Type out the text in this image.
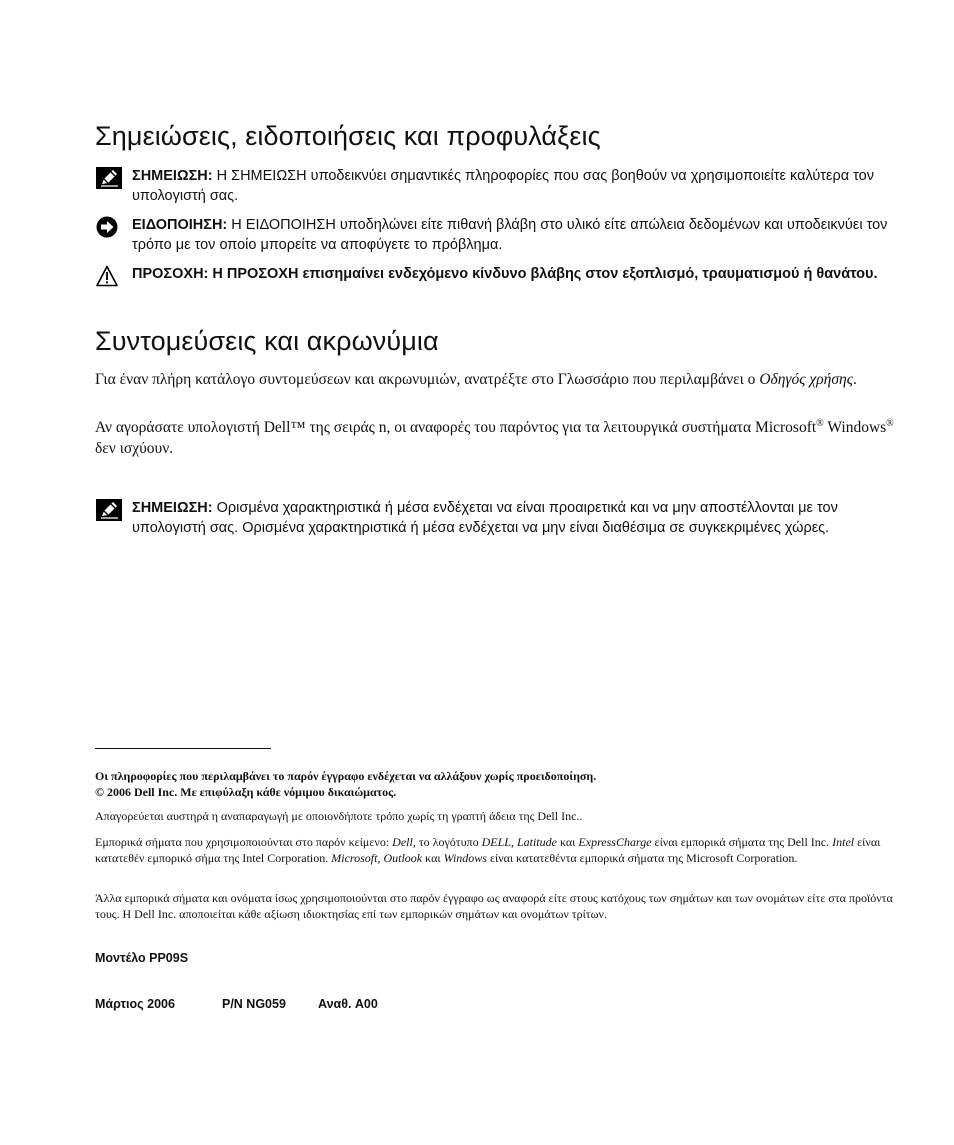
Σημειώσεις, ειδοποιήσεις και προφυλάξεις
ΣΗΜΕΙΩΣΗ: Η ΣΗΜΕΙΩΣΗ υποδεικνύει σημαντικές πληροφορίες που σας βοηθούν να χρησιμοποιείτε καλύτερα τον υπολογιστή σας.
ΕΙΔΟΠΟΙΗΣΗ: Η ΕΙΔΟΠΟΙΗΣΗ υποδηλώνει είτε πιθανή βλάβη στο υλικό είτε απώλεια δεδομένων και υποδεικνύει τον τρόπο με τον οποίο μπορείτε να αποφύγετε το πρόβλημα.
ΠΡΟΣΟΧΗ: Η ΠΡΟΣΟΧΗ επισημαίνει ενδεχόμενο κίνδυνο βλάβης στον εξοπλισμό, τραυματισμού ή θανάτου.
Συντομεύσεις και ακρωνύμια
Για έναν πλήρη κατάλογο συντομεύσεων και ακρωνυμιών, ανατρέξτε στο Γλωσσάριο που περιλαμβάνει ο Οδηγός χρήσης.
Αν αγοράσατε υπολογιστή Dell™ της σειράς n, οι αναφορές του παρόντος για τα λειτουργικά συστήματα Microsoft® Windows® δεν ισχύουν.
ΣΗΜΕΙΩΣΗ: Ορισμένα χαρακτηριστικά ή μέσα ενδέχεται να είναι προαιρετικά και να μην αποστέλλονται με τον υπολογιστή σας. Ορισμένα χαρακτηριστικά ή μέσα ενδέχεται να μην είναι διαθέσιμα σε συγκεκριμένες χώρες.
Οι πληροφορίες που περιλαμβάνει το παρόν έγγραφο ενδέχεται να αλλάξουν χωρίς προειδοποίηση.
© 2006 Dell Inc. Με επιφύλαξη κάθε νόμιμου δικαιώματος.
Απαγορεύεται αυστηρά η αναπαραγωγή με οποιονδήποτε τρόπο χωρίς τη γραπτή άδεια της Dell Inc..
Εμπορικά σήματα που χρησιμοποιούνται στο παρόν κείμενο: Dell, το λογότυπο DELL, Latitude και ExpressCharge είναι εμπορικά σήματα της Dell Inc. Intel είναι κατατεθέν εμπορικό σήμα της Intel Corporation. Microsoft, Outlook και Windows είναι κατατεθέντα εμπορικά σήματα της Microsoft Corporation.
Άλλα εμπορικά σήματα και ονόματα ίσως χρησιμοποιούνται στο παρόν έγγραφο ως αναφορά είτε στους κατόχους των σημάτων και των ονομάτων είτε στα προϊόντα τους. Η Dell Inc. αποποιείται κάθε αξίωση ιδιοκτησίας επί των εμπορικών σημάτων και ονομάτων τρίτων.
Μοντέλο PP09S
Μάρτιος 2006	P/N NG059	Αναθ. A00
